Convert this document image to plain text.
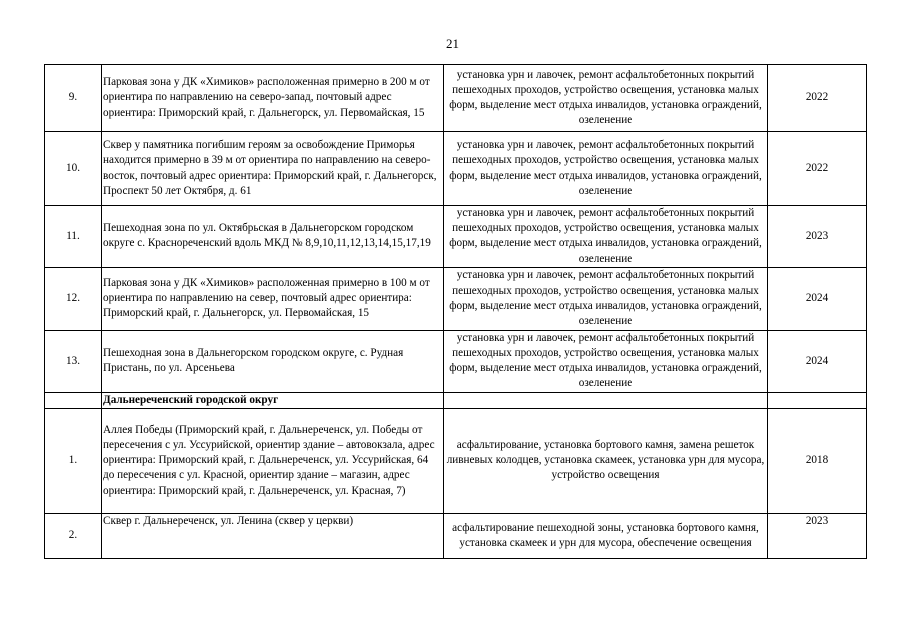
21
9.	Парковая зона у ДК «Химиков» расположенная примерно в 200 м от ориентира по направлению на северо-запад, почтовый адрес ориентира: Приморский край, г. Дальнегорск, ул. Первомайская, 15	установка урн и лавочек, ремонт асфальтобетонных покрытий пешеходных проходов, устройство освещения, установка малых форм, выделение мест отдыха инвалидов, установка ограждений, озеленение	2022
10.	Сквер у памятника погибшим героям за освобождение Приморья находится примерно в 39 м от ориентира по направлению на северо-восток, почтовый адрес ориентира: Приморский край, г. Дальнегорск, Проспект 50 лет Октября, д. 61	установка урн и лавочек, ремонт асфальтобетонных покрытий пешеходных проходов, устройство освещения, установка малых форм, выделение мест отдыха инвалидов, установка ограждений, озеленение	2022
11.	Пешеходная зона по ул. Октябрьская в Дальнегорском городском округе с. Краснореченский вдоль МКД № 8,9,10,11,12,13,14,15,17,19	установка урн и лавочек, ремонт асфальтобетонных покрытий пешеходных проходов, устройство освещения, установка малых форм, выделение мест отдыха инвалидов, установка ограждений, озеленение	2023
12.	Парковая зона у ДК «Химиков» расположенная примерно в 100 м от ориентира по направлению на север, почтовый адрес ориентира: Приморский край, г. Дальнегорск, ул. Первомайская, 15	установка урн и лавочек, ремонт асфальтобетонных покрытий пешеходных проходов, устройство освещения, установка малых форм, выделение мест отдыха инвалидов, установка ограждений, озеленение	2024
13.	Пешеходная зона в Дальнегорском городском округе, с. Рудная Пристань, по ул. Арсеньева	установка урн и лавочек, ремонт асфальтобетонных покрытий пешеходных проходов, устройство освещения, установка малых форм, выделение мест отдыха инвалидов, установка ограждений, озеленение	2024
	Дальнереченский городской округ		
1.	Аллея Победы (Приморский край, г. Дальнереченск, ул. Победы от пересечения с ул. Уссурийской, ориентир здание – автовокзала, адрес ориентира: Приморский край, г. Дальнереченск, ул. Уссурийская, 64 до пересечения с ул. Красной, ориентир здание – магазин, адрес ориентира: Приморский край, г. Дальнереченск, ул. Красная, 7)	асфальтирование, установка бортового камня, замена решеток ливневых колодцев, установка скамеек, установка урн для мусора, устройство освещения	2018
2.	Сквер г. Дальнереченск, ул. Ленина (сквер у церкви)	асфальтирование пешеходной зоны, установка бортового камня, установка скамеек и урн для мусора, обеспечение освещения	2023
